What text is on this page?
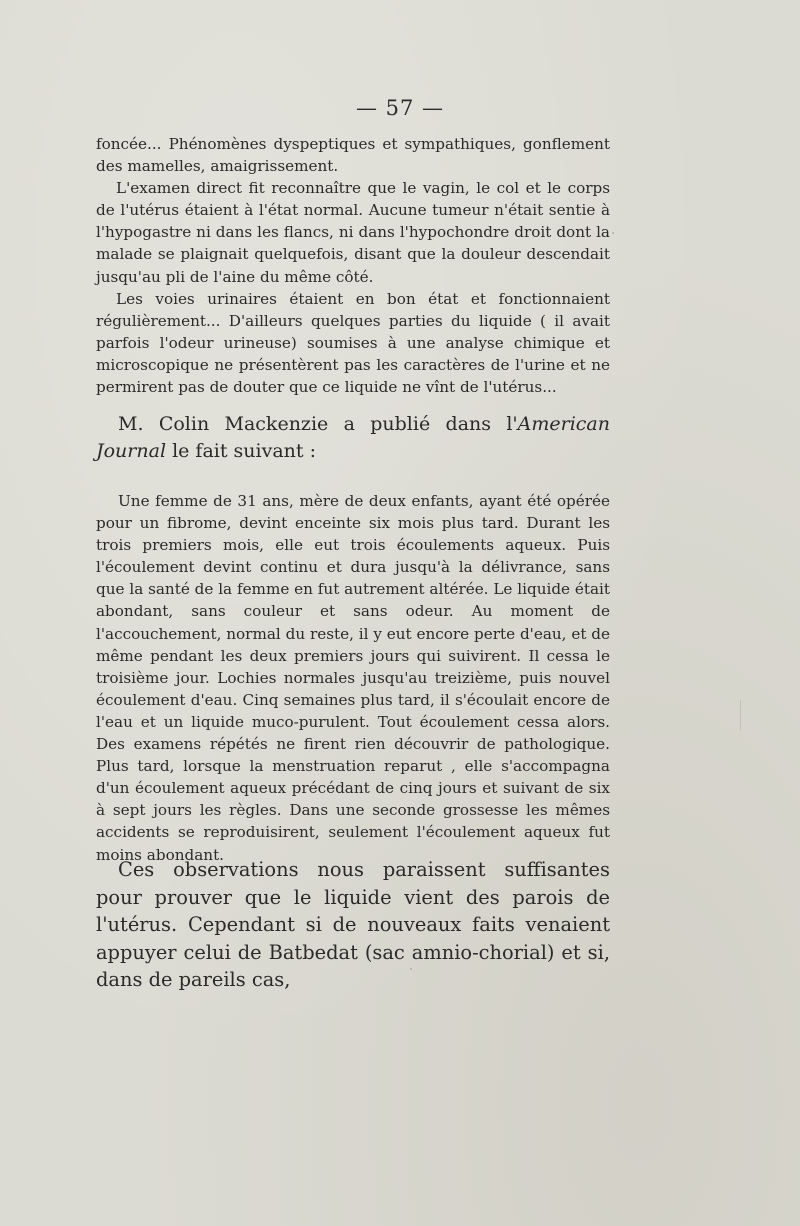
— 57 —

foncée... Phénomènes dyspeptiques et sympathiques, gonflement des mamelles, amaigrissement.

L'examen direct fit reconnaître que le vagin, le col et le corps de l'utérus étaient à l'état normal. Aucune tumeur n'était sentie à l'hypogastre ni dans les flancs, ni dans l'hypochondre droit dont la malade se plaignait quelquefois, disant que la douleur descendait jusqu'au pli de l'aine du même côté.

Les voies urinaires étaient en bon état et fonctionnaient régulièrement... D'ailleurs quelques parties du liquide ( il avait parfois l'odeur urineuse) soumises à une analyse chimique et microscopique ne présentèrent pas les caractères de l'urine et ne permirent pas de douter que ce liquide ne vînt de l'utérus...

M. Colin Mackenzie a publié dans l'American Journal le fait suivant :

Une femme de 31 ans, mère de deux enfants, ayant été opérée pour un fibrome, devint enceinte six mois plus tard. Durant les trois premiers mois, elle eut trois écoulements aqueux. Puis l'écoulement devint continu et dura jusqu'à la délivrance, sans que la santé de la femme en fut autrement altérée. Le liquide était abondant, sans couleur et sans odeur. Au moment de l'accouchement, normal du reste, il y eut encore perte d'eau, et de même pendant les deux premiers jours qui suivirent. Il cessa le troisième jour. Lochies normales jusqu'au treizième, puis nouvel écoulement d'eau. Cinq semaines plus tard, il s'écoulait encore de l'eau et un liquide muco-purulent. Tout écoulement cessa alors. Des examens répétés ne firent rien découvrir de pathologique. Plus tard, lorsque la menstruation reparut , elle s'accompagna d'un écoulement aqueux précédant de cinq jours et suivant de six à sept jours les règles. Dans une seconde grossesse les mêmes accidents se reproduisirent, seulement l'écoulement aqueux fut moins abondant.

Ces observations nous paraissent suffisantes pour prouver que le liquide vient des parois de l'utérus. Cependant si de nouveaux faits venaient appuyer celui de Batbedat (sac amnio-chorial) et si, dans de pareils cas,
